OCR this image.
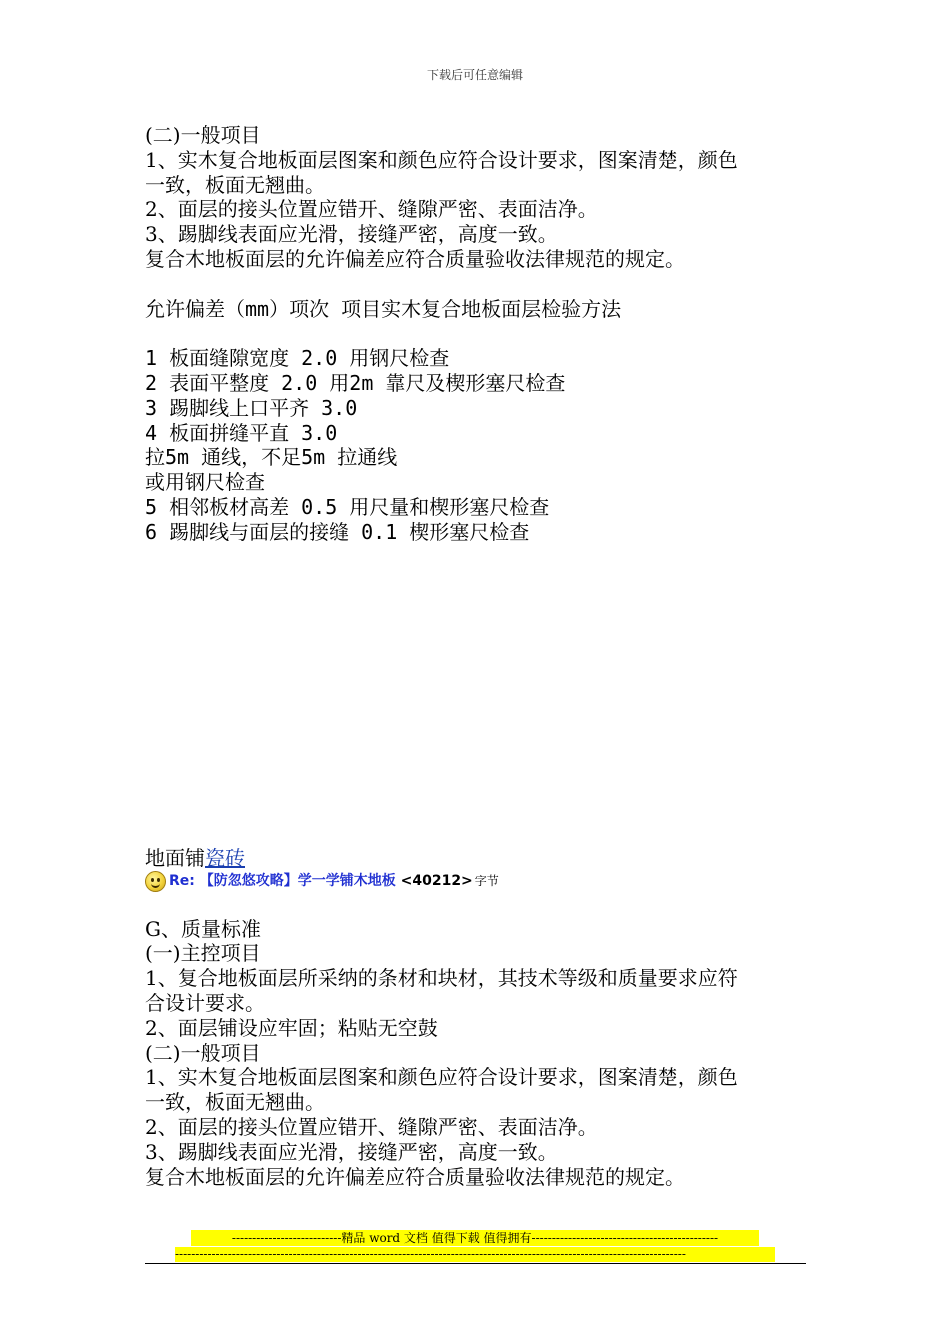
下载后可任意编辑
(二)一般项目
1、实木复合地板面层图案和颜色应符合设计要求，图案清楚，颜色
一致，板面无翘曲。
2、面层的接头位置应错开、缝隙严密、表面洁净。
3、踢脚线表面应光滑，接缝严密，高度一致。
复合木地板面层的允许偏差应符合质量验收法律规范的规定。
允许偏差（mm）项次 项目实木复合地板面层检验方法
1 板面缝隙宽度 2.0 用钢尺检查
2 表面平整度 2.0 用2m 靠尺及楔形塞尺检查
3 踢脚线上口平齐 3.0
4 板面拼缝平直 3.0
拉5m 通线，不足5m 拉通线
或用钢尺检查
5 相邻板材高差 0.5 用尺量和楔形塞尺检查
6 踢脚线与面层的接缝 0.1 楔形塞尺检查
地面铺瓷砖
Re:
【防忽悠攻略】学一学铺木地板
<40212> 字节
G、质量标准
(一)主控项目
1、复合地板面层所采纳的条材和块材，其技术等级和质量要求应符
合设计要求。
2、面层铺设应牢固；粘贴无空鼓
(二)一般项目
1、实木复合地板面层图案和颜色应符合设计要求，图案清楚，颜色
一致，板面无翘曲。
2、面层的接头位置应错开、缝隙严密、表面洁净。
3、踢脚线表面应光滑，接缝严密，高度一致。
复合木地板面层的允许偏差应符合质量验收法律规范的规定。
---------------------------精品 word 文档 值得下载 值得拥有----------------------------------------------
------------------------------------------------------------------------------------------------------------------------------
